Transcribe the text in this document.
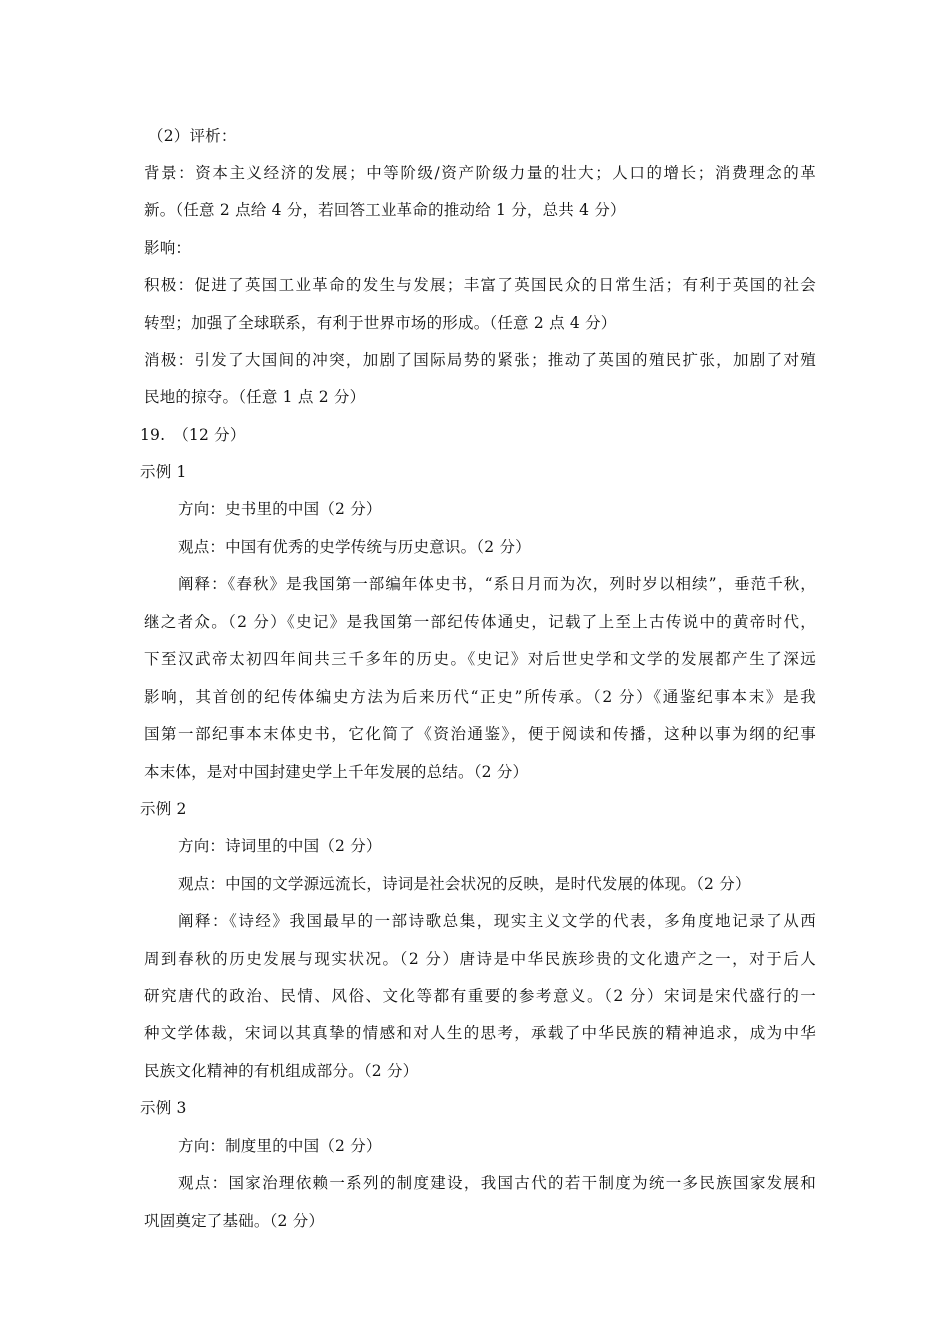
（2）评析：
背景：资本主义经济的发展；中等阶级/资产阶级力量的壮大；人口的增长；消费理念的革
新。（任意 2 点给 4 分，若回答工业革命的推动给 1 分，总共 4 分）
影响：
积极：促进了英国工业革命的发生与发展；丰富了英国民众的日常生活；有利于英国的社会
转型；加强了全球联系，有利于世界市场的形成。（任意 2 点 4 分）
消极：引发了大国间的冲突，加剧了国际局势的紧张；推动了英国的殖民扩张，加剧了对殖
民地的掠夺。（任意 1 点 2 分）
19.　（12 分）
示例 1
方向：史书里的中国（2 分）
观点：中国有优秀的史学传统与历史意识。（2 分）
阐释：《春秋》是我国第一部编年体史书，“系日月而为次，列时岁以相续”，垂范千秋，
继之者众。（2 分）《史记》是我国第一部纪传体通史，记载了上至上古传说中的黄帝时代，
下至汉武帝太初四年间共三千多年的历史。《史记》对后世史学和文学的发展都产生了深远
影响，其首创的纪传体编史方法为后来历代“正史”所传承。（2 分）《通鉴纪事本末》是我
国第一部纪事本末体史书，它化简了《资治通鉴》，便于阅读和传播，这种以事为纲的纪事
本末体，是对中国封建史学上千年发展的总结。（2 分）
示例 2
方向：诗词里的中国（2 分）
观点：中国的文学源远流长，诗词是社会状况的反映，是时代发展的体现。（2 分）
阐释：《诗经》我国最早的一部诗歌总集，现实主义文学的代表，多角度地记录了从西
周到春秋的历史发展与现实状况。（2 分）唐诗是中华民族珍贵的文化遗产之一，对于后人
研究唐代的政治、民情、风俗、文化等都有重要的参考意义。（2 分）宋词是宋代盛行的一
种文学体裁，宋词以其真挚的情感和对人生的思考，承载了中华民族的精神追求，成为中华
民族文化精神的有机组成部分。（2 分）
示例 3
方向：制度里的中国（2 分）
观点：国家治理依赖一系列的制度建设，我国古代的若干制度为统一多民族国家发展和
巩固奠定了基础。（2 分）
